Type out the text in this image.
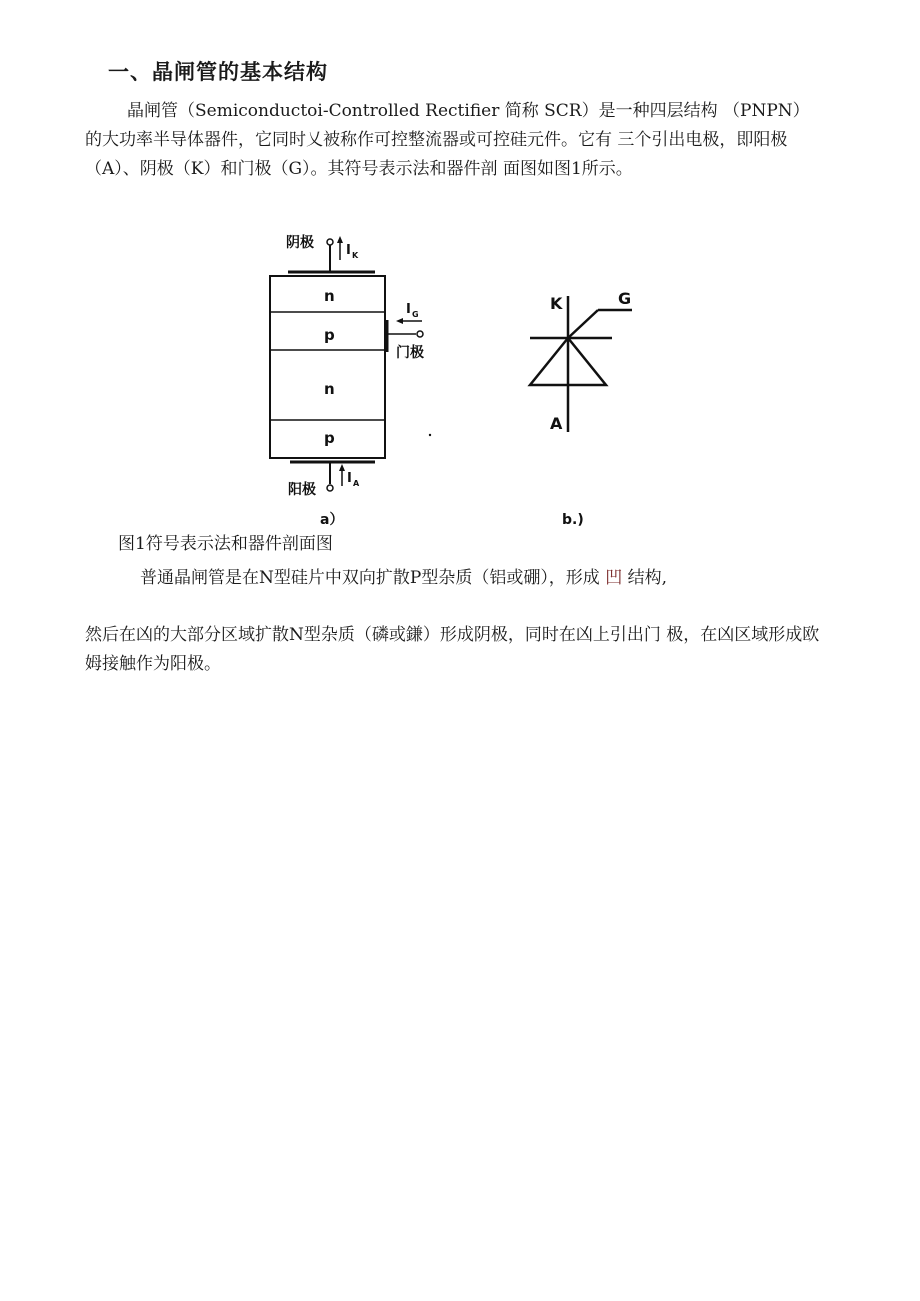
一、晶闸管的基本结构

晶闸管（Semiconductoi-Controlled Rectifier 简称 SCR）是一种四层结构 （PNPN）的大功率半导体器件，它同时乂被称作可控整流器或可控硅元件。它有 三个引出电极，即阳极（A）、阴极（K）和门极（G）。其符号表示法和器件剖 面图如图1所示。

阴极 I K
n
p
n
p
I G
门极
I A
阳极
a）
K	G
A
b.)

图1符号表示法和器件剖面图

普通晶闸管是在N型硅片中双向扩散P型杂质（铝或硼），形成 凹 结构,

然后在凶的大部分区域扩散N型杂质（磷或鎌）形成阴极，同时在凶上引出门 极，在凶区域形成欧姆接触作为阳极。
